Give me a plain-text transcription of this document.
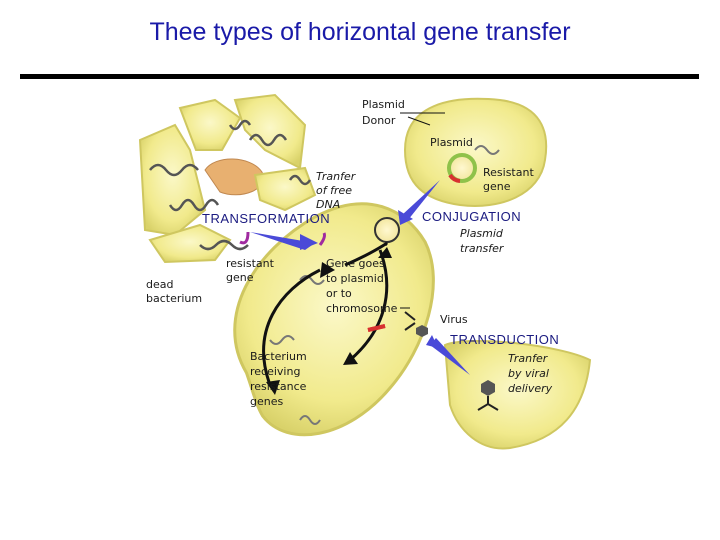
Thee types of horizontal gene transfer
Plasmid
Donor
Plasmid
Resistant
gene
Tranfer
of free
DNA
TRANSFORMATION	CONJUGATION
Plasmid
transfer
resistant
gene
dead
bacterium
Gene goes
to plasmid
or to
chromosome
Virus
TRANSDUCTION
Tranfer
by viral
delivery
Bacterium
receiving
resistance
genes
